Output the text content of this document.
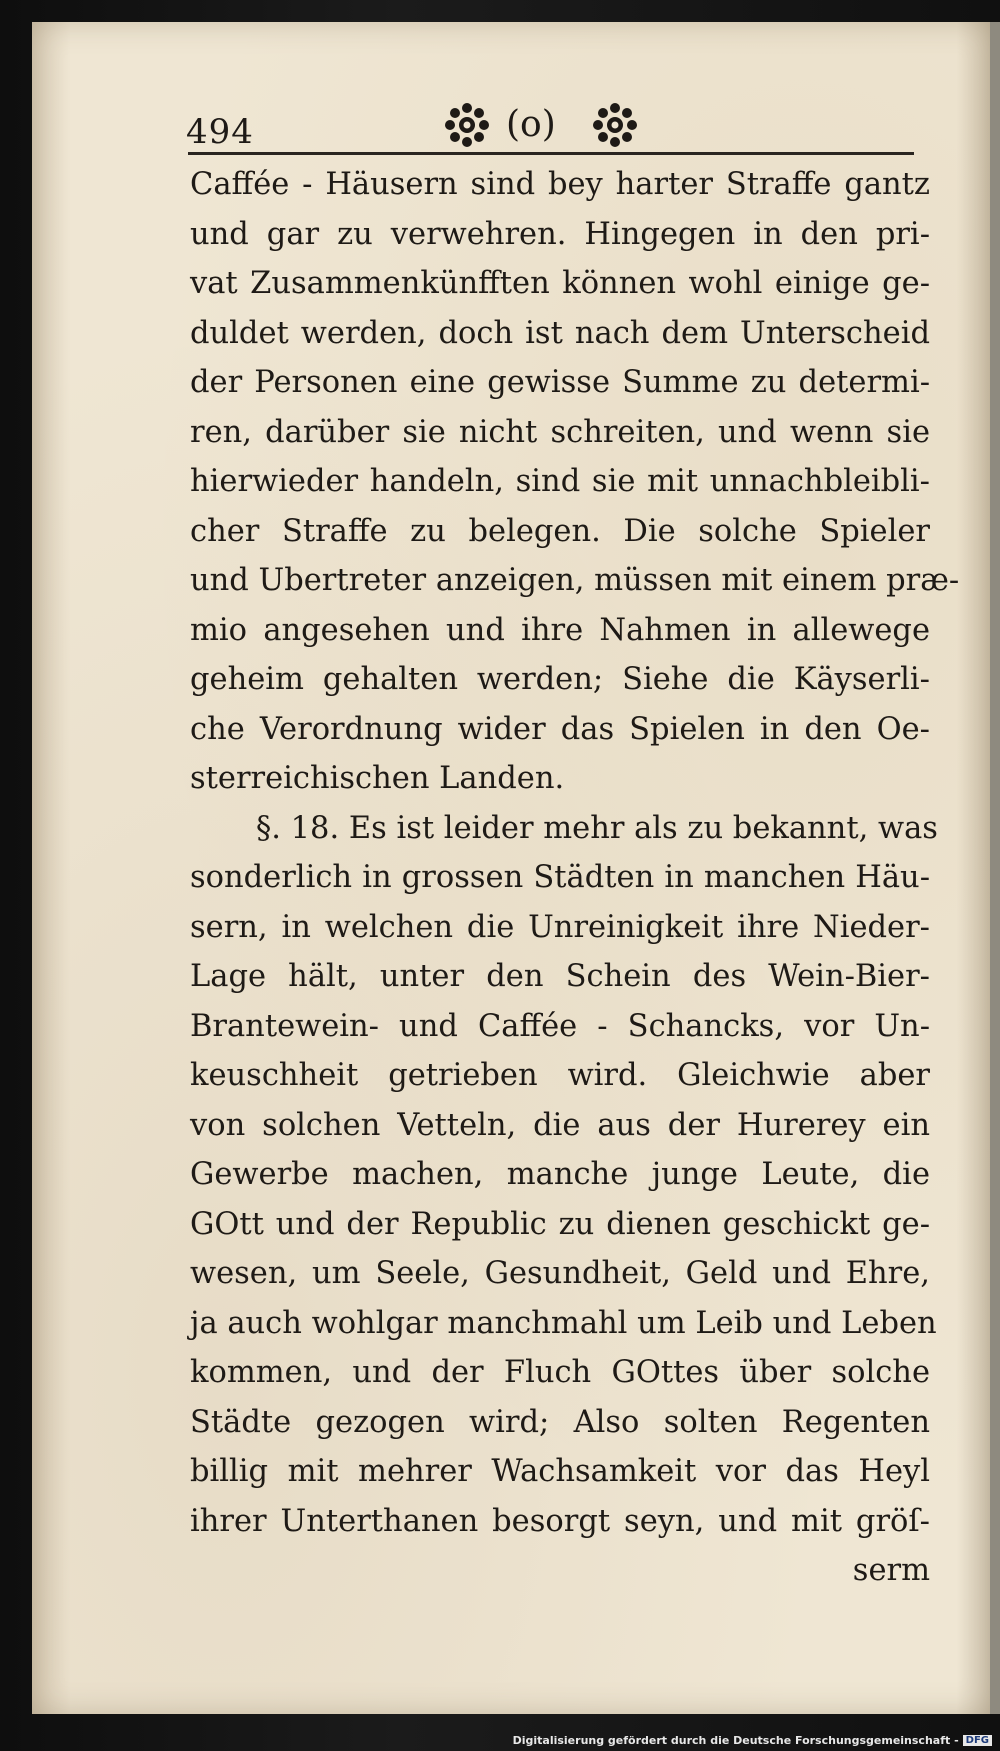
494	(o)
Caffée - Häusern sind bey harter Straffe gantz
und gar zu verwehren. Hingegen in den pri-
vat Zusammenkünfften können wohl einige ge-
duldet werden, doch ist nach dem Unterscheid
der Personen eine gewisse Summe zu determi-
ren, darüber sie nicht schreiten, und wenn sie
hierwieder handeln, sind sie mit unnachbleibli-
cher Straffe zu belegen. Die solche Spieler
und Ubertreter anzeigen, müssen mit einem præ-
mio angesehen und ihre Nahmen in allewege
geheim gehalten werden; Siehe die Käyserli-
che Verordnung wider das Spielen in den Oe-
sterreichischen Landen.
§. 18. Es ist leider mehr als zu bekannt, was
sonderlich in grossen Städten in manchen Häu-
sern, in welchen die Unreinigkeit ihre Nieder-
Lage hält, unter den Schein des Wein-Bier-
Brantewein- und Caffée - Schancks, vor Un-
keuschheit getrieben wird. Gleichwie aber
von solchen Vetteln, die aus der Hurerey ein
Gewerbe machen, manche junge Leute, die
GOtt und der Republic zu dienen geschickt ge-
wesen, um Seele, Gesundheit, Geld und Ehre,
ja auch wohlgar manchmahl um Leib und Leben
kommen, und der Fluch GOttes über solche
Städte gezogen wird; Also solten Regenten
billig mit mehrer Wachsamkeit vor das Heyl
ihrer Unterthanen besorgt seyn, und mit gröſ-
serm
Digitalisierung gefördert durch die Deutsche Forschungsgemeinschaft - DFG
